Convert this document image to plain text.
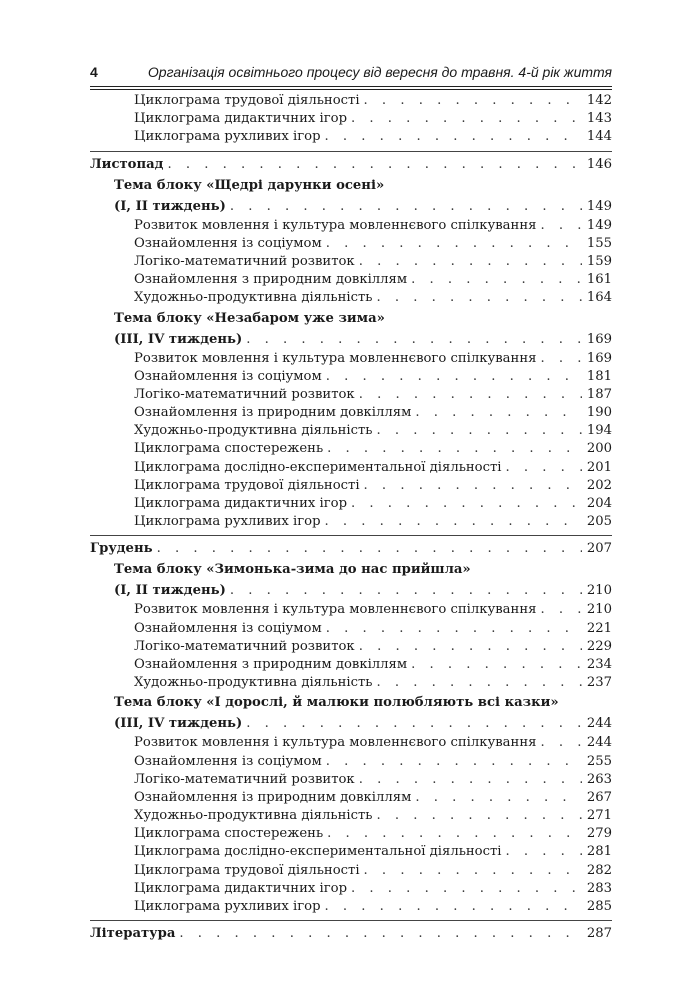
4	Організація освітнього процесу від вересня до травня. 4-й рік життя
Циклограма трудової діяльності . . .	142
Циклограма дидактичних ігор . . .	143
Циклограма рухливих ігор . . .	144
Листопад . . .	146
Тема блоку «Щедрі дарунки осені»
(I, II тиждень) . . .	149
Розвиток мовлення і культура мовленнєвого спілкування . . .	149
Ознайомлення із соціумом . . .	155
Логіко-математичний розвиток . . .	159
Ознайомлення з природним довкіллям . . .	161
Художньо-продуктивна діяльність . . .	164
Тема блоку «Незабаром уже зима»
(III, IV тиждень) . . .	169
Розвиток мовлення і культура мовленнєвого спілкування . . .	169
Ознайомлення із соціумом . . .	181
Логіко-математичний розвиток . . .	187
Ознайомлення із природним довкіллям . . .	190
Художньо-продуктивна діяльність . . .	194
Циклограма спостережень . . .	200
Циклограма дослідно-експериментальної діяльності . . .	201
Циклограма трудової діяльності . . .	202
Циклограма дидактичних ігор . . .	204
Циклограма рухливих ігор . . .	205
Грудень . . .	207
Тема блоку «Зимонька-зима до нас прийшла»
(I, II тиждень) . . .	210
Розвиток мовлення і культура мовленнєвого спілкування . . .	210
Ознайомлення із соціумом . . .	221
Логіко-математичний розвиток . . .	229
Ознайомлення з природним довкіллям . . .	234
Художньо-продуктивна діяльність . . .	237
Тема блоку «І дорослі, й малюки полюбляють всі казки»
(III, IV тиждень) . . .	244
Розвиток мовлення і культура мовленнєвого спілкування . . .	244
Ознайомлення із соціумом . . .	255
Логіко-математичний розвиток . . .	263
Ознайомлення із природним довкіллям . . .	267
Художньо-продуктивна діяльність . . .	271
Циклограма спостережень . . .	279
Циклограма дослідно-експериментальної діяльності . . .	281
Циклограма трудової діяльності . . .	282
Циклограма дидактичних ігор . . .	283
Циклограма рухливих ігор . . .	285
Література . . .	287
